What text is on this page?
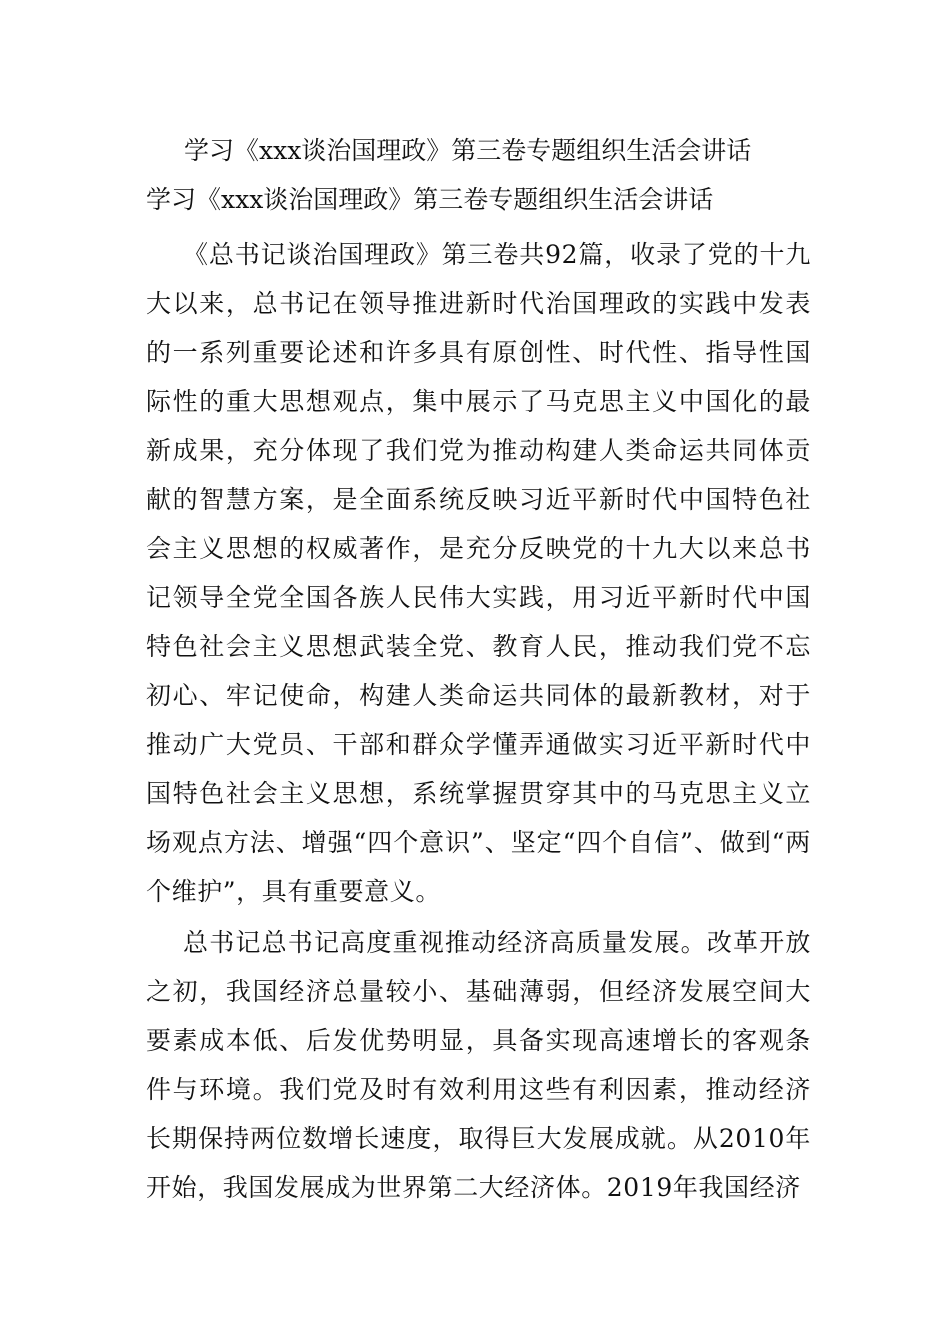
学习《xxx谈治国理政》第三卷专题组织生活会讲话
学习《xxx谈治国理政》第三卷专题组织生活会讲话

《总书记谈治国理政》第三卷共92篇，收录了党的十九大以来，总书记在领导推进新时代治国理政的实践中发表的一系列重要论述和许多具有原创性、时代性、指导性国际性的重大思想观点，集中展示了马克思主义中国化的最新成果，充分体现了我们党为推动构建人类命运共同体贡献的智慧方案，是全面系统反映习近平新时代中国特色社会主义思想的权威著作，是充分反映党的十九大以来总书记领导全党全国各族人民伟大实践，用习近平新时代中国特色社会主义思想武装全党、教育人民，推动我们党不忘初心、牢记使命，构建人类命运共同体的最新教材，对于推动广大党员、干部和群众学懂弄通做实习近平新时代中国特色社会主义思想，系统掌握贯穿其中的马克思主义立场观点方法、增强“四个意识”、坚定“四个自信”、做到“两个维护”，具有重要意义。

总书记总书记高度重视推动经济高质量发展。改革开放之初，我国经济总量较小、基础薄弱，但经济发展空间大要素成本低、后发优势明显，具备实现高速增长的客观条件与环境。我们党及时有效利用这些有利因素，推动经济长期保持两位数增长速度，取得巨大发展成就。从2010年开始，我国发展成为世界第二大经济体。2019年我国经济
